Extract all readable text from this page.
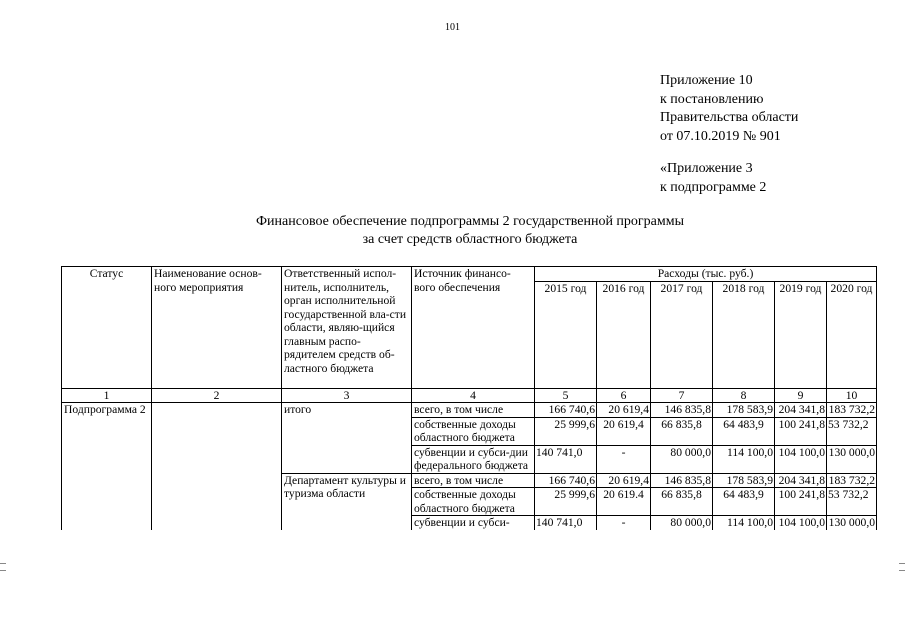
101
Приложение 10
к постановлению
Правительства области
от 07.10.2019 № 901
«Приложение 3
к подпрограмме 2
Финансовое обеспечение подпрограммы 2 государственной программы
за счет средств областного бюджета
Статус	Наименование основ-ного мероприятия	Ответственный испол-нитель, исполнитель, орган исполнительной государственной вла-сти области, являю-щийся главным распо-рядителем средств об-ластного бюджета	Источник финансо-вого обеспечения	Расходы (тыс. руб.)					
				2015 год	2016 год	2017 год	2018 год	2019 год	2020 год
1	2	3	4	5	6	7	8	9	10
Подпрограмма 2		итого	всего, в том числе	166 740,6	20 619,4	146 835,8	178 583,9	204 341,8	183 732,2
			собственные доходы областного бюджета	25 999,6	20 619,4	66 835,8	64 483,9	100 241,8	53 732,2
			субвенции и субси-дии федерального бюджета	140 741,0	-	80 000,0	114 100,0	104 100,0	130 000,0
		Департамент культуры и туризма области	всего, в том числе	166 740,6	20 619,4	146 835,8	178 583,9	204 341,8	183 732,2
			собственные доходы областного бюджета	25 999,6	20 619.4	66 835,8	64 483,9	100 241,8	53 732,2
			субвенции и субси-	140 741,0	-	80 000,0	114 100,0	104 100,0	130 000,0
